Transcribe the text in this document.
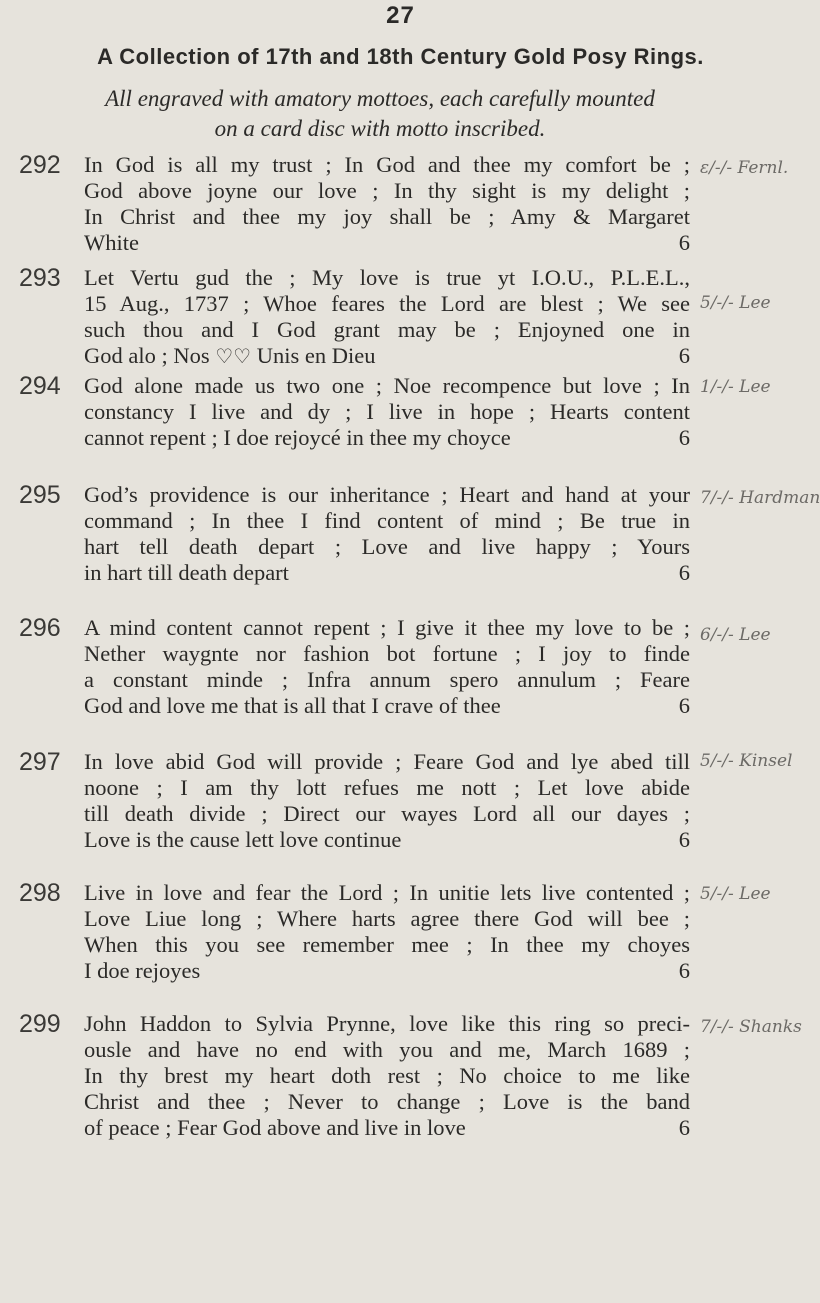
27
A Collection of 17th and 18th Century Gold Posy Rings.
All engraved with amatory mottoes, each carefully mounted
on a card disc with motto inscribed.
292 In God is all my trust ; In God and thee my comfort be ;
God above joyne our love ; In thy sight is my delight ;
In Christ and thee my joy shall be ; Amy & Margaret
White	6
ε/-/- Fernl.
293 Let Vertu gud the ; My love is true yt I.O.U., P.L.E.L.,
15 Aug., 1737 ; Whoe feares the Lord are blest ; We see
such thou and I God grant may be ; Enjoyned one in
God alo ; Nos ♡♡ Unis en Dieu	6
5/-/- Lee
294 God alone made us two one ; Noe recompence but love ; In
constancy I live and dy ; I live in hope ; Hearts content
cannot repent ; I doe rejoycé in thee my choyce	6
1/-/- Lee
295 God’s providence is our inheritance ; Heart and hand at your
command ; In thee I find content of mind ; Be true in
hart tell death depart ; Love and live happy ; Yours
in hart till death depart	6
7/-/- Hardman
296 A mind content cannot repent ; I give it thee my love to be ;
Nether waygnte nor fashion bot fortune ; I joy to finde
a constant minde ; Infra annum spero annulum ; Feare
God and love me that is all that I crave of thee	6
6/-/- Lee
297 In love abid God will provide ; Feare God and lye abed till
noone ; I am thy lott refues me nott ; Let love abide
till death divide ; Direct our wayes Lord all our dayes ;
Love is the cause lett love continue	6
5/-/- Kinsel
298 Live in love and fear the Lord ; In unitie lets live contented ;
Love Liue long ; Where harts agree there God will bee ;
When this you see remember mee ; In thee my choyes
I doe rejoyes	6
5/-/- Lee
299 John Haddon to Sylvia Prynne, love like this ring so preci-
ousle and have no end with you and me, March 1689 ;
In thy brest my heart doth rest ; No choice to me like
Christ and thee ; Never to change ; Love is the band
of peace ; Fear God above and live in love	6
7/-/- Shanks
